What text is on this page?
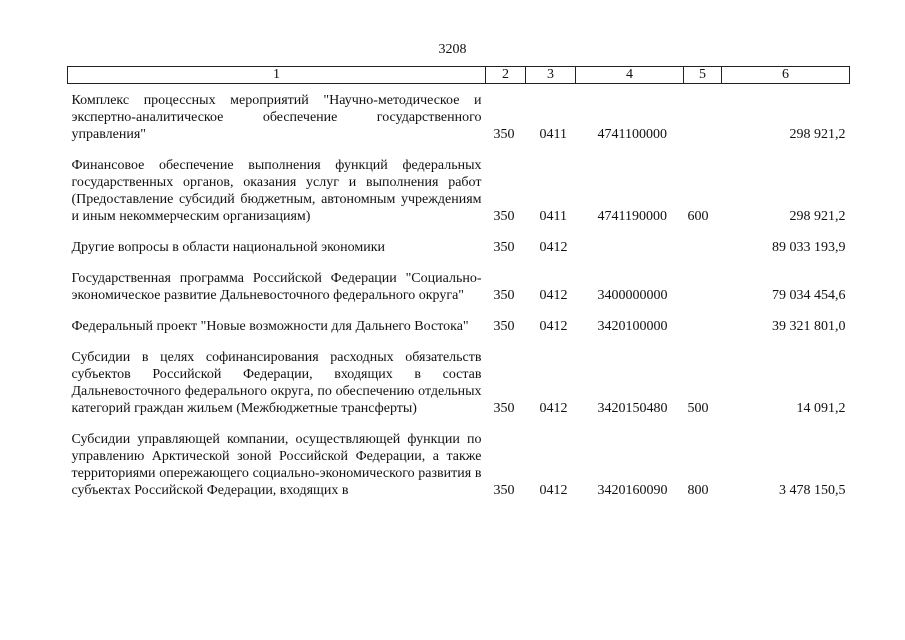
3208
1	2	3	4	5	6
Комплекс процессных мероприятий "Научно-методическое и экспертно-аналитическое обеспечение государственного управления"	350	0411	4741100000		298 921,2
Финансовое обеспечение выполнения функций федеральных государственных органов, оказания услуг и выполнения работ (Предоставление субсидий бюджетным, автономным учреждениям и иным некоммерческим организациям)	350	0411	4741190000	600	298 921,2
Другие вопросы в области национальной экономики	350	0412			89 033 193,9
Государственная программа Российской Федерации "Социально-экономическое развитие Дальневосточного федерального округа"	350	0412	3400000000		79 034 454,6
Федеральный проект "Новые возможности для Дальнего Востока"	350	0412	3420100000		39 321 801,0
Субсидии в целях софинансирования расходных обязательств субъектов Российской Федерации, входящих в состав Дальневосточного федерального округа, по обеспечению отдельных категорий граждан жильем (Межбюджетные трансферты)	350	0412	3420150480	500	14 091,2
Субсидии управляющей компании, осуществляющей функции по управлению Арктической зоной Российской Федерации, а также территориями опережающего социально-экономического развития в субъектах Российской Федерации, входящих в	350	0412	3420160090	800	3 478 150,5
